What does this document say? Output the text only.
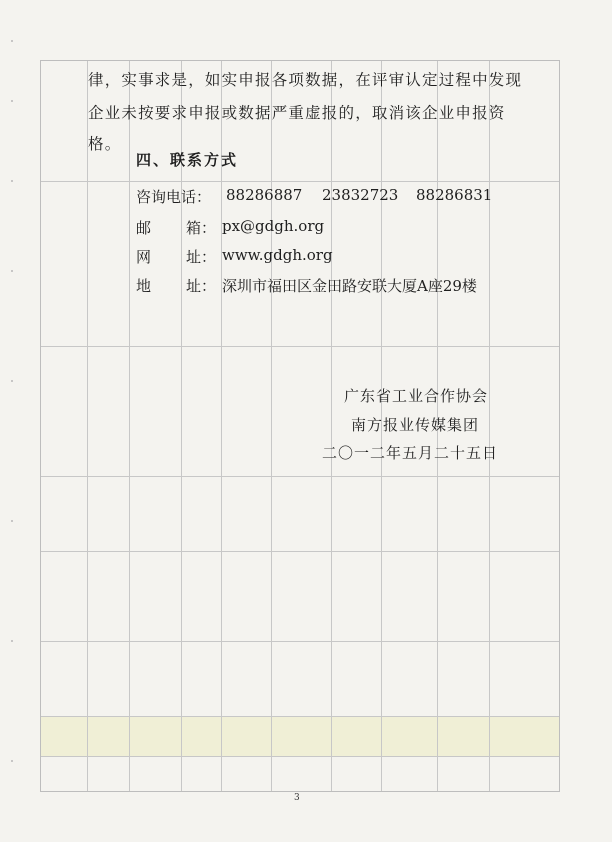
律，实事求是，如实申报各项数据，在评审认定过程中发现
企业未按要求申报或数据严重虚报的，取消该企业申报资
格。
四、联系方式
咨询电话： 88286887 23832723 88286831
邮 箱： px@gdgh.org
网 址： www.gdgh.org
地 址： 深圳市福田区金田路安联大厦A座29楼
广东省工业合作协会
南方报业传媒集团
二〇一二年五月二十五日
3
